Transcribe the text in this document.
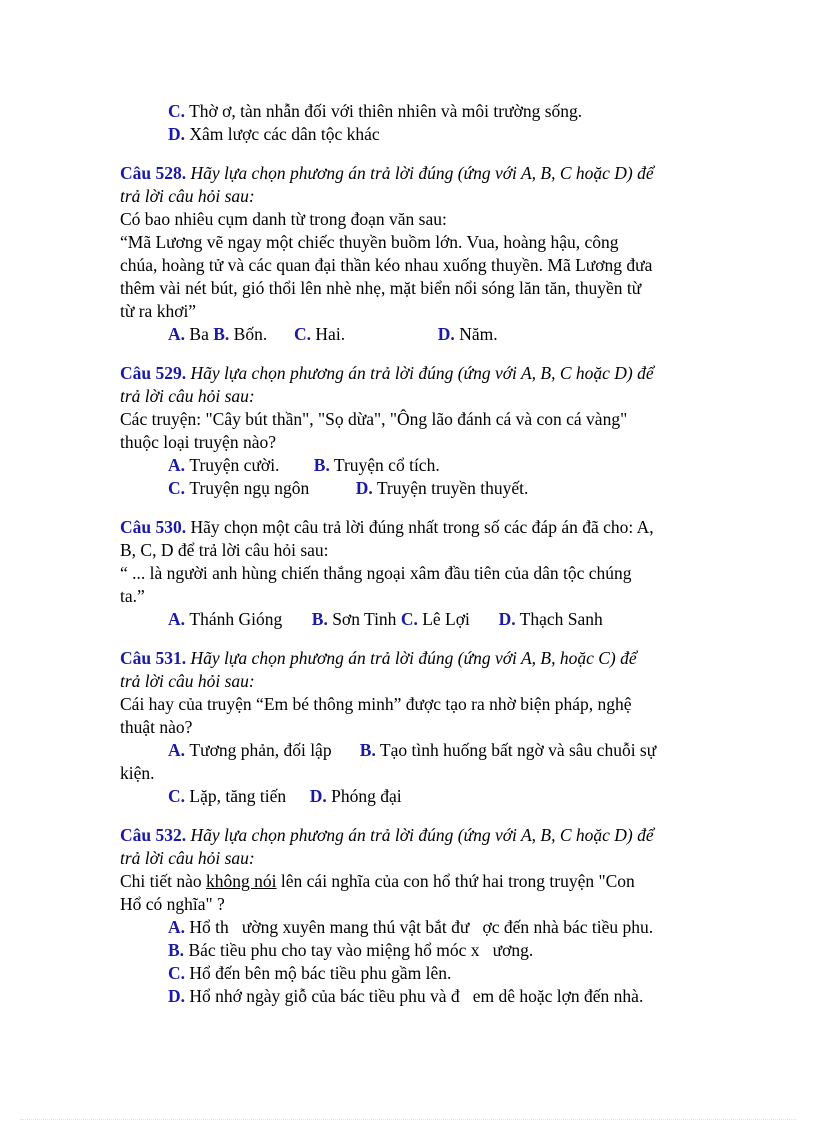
C. Thờ ơ, tàn nhẫn đối với thiên nhiên và môi trường sống.
D. Xâm lược các dân tộc khác
Câu 528. Hãy lựa chọn phương án trả lời đúng (ứng với A, B, C hoặc D) để
trả lời câu hỏi sau:
Có bao nhiêu cụm danh từ trong đoạn văn sau:
“Mã Lương vẽ ngay một chiếc thuyền buồm lớn. Vua, hoàng hậu, công
chúa, hoàng tử và các quan đại thần kéo nhau xuống thuyền. Mã Lương đưa
thêm vài nét bút, gió thổi lên nhè nhẹ, mặt biển nổi sóng lăn tăn, thuyền từ
từ ra khơi”
A. Ba B. Bốn. C. Hai.	D. Năm.
Câu 529. Hãy lựa chọn phương án trả lời đúng (ứng với A, B, C hoặc D) để
trả lời câu hỏi sau:
Các truyện: "Cây bút thần", "Sọ dừa", "Ông lão đánh cá và con cá vàng"
thuộc loại truyện nào?
A. Truyện cười. B. Truyện cổ tích.
C. Truyện ngụ ngôn	D. Truyện truyền thuyết.
Câu 530. Hãy chọn một câu trả lời đúng nhất trong số các đáp án đã cho: A,
B, C, D để trả lời câu hỏi sau:
“ ... là người anh hùng chiến thắng ngoại xâm đầu tiên của dân tộc chúng
ta.”
A. Thánh Gióng B. Sơn Tinh C. Lê Lợi D. Thạch Sanh
Câu 531. Hãy lựa chọn phương án trả lời đúng (ứng với A, B, hoặc C) để
trả lời câu hỏi sau:
Cái hay của truyện “Em bé thông minh” được tạo ra nhờ biện pháp, nghệ
thuật nào?
A. Tương phản, đối lập B. Tạo tình huống bất ngờ và sâu chuỗi sự
kiện.
C. Lặp, tăng tiến D. Phóng đại
Câu 532. Hãy lựa chọn phương án trả lời đúng (ứng với A, B, C hoặc D) để
trả lời câu hỏi sau:
Chi tiết nào không nói lên cái nghĩa của con hổ thứ hai trong truyện "Con
Hổ có nghĩa" ?
A. Hổ th   ường xuyên mang thú vật bắt đư   ợc đến nhà bác tiều phu.
B. Bác tiều phu cho tay vào miệng hổ móc x   ương.
C. Hổ đến bên mộ bác tiều phu gầm lên.
D. Hổ nhớ ngày giỗ của bác tiều phu và đ   em dê hoặc lợn đến nhà.
